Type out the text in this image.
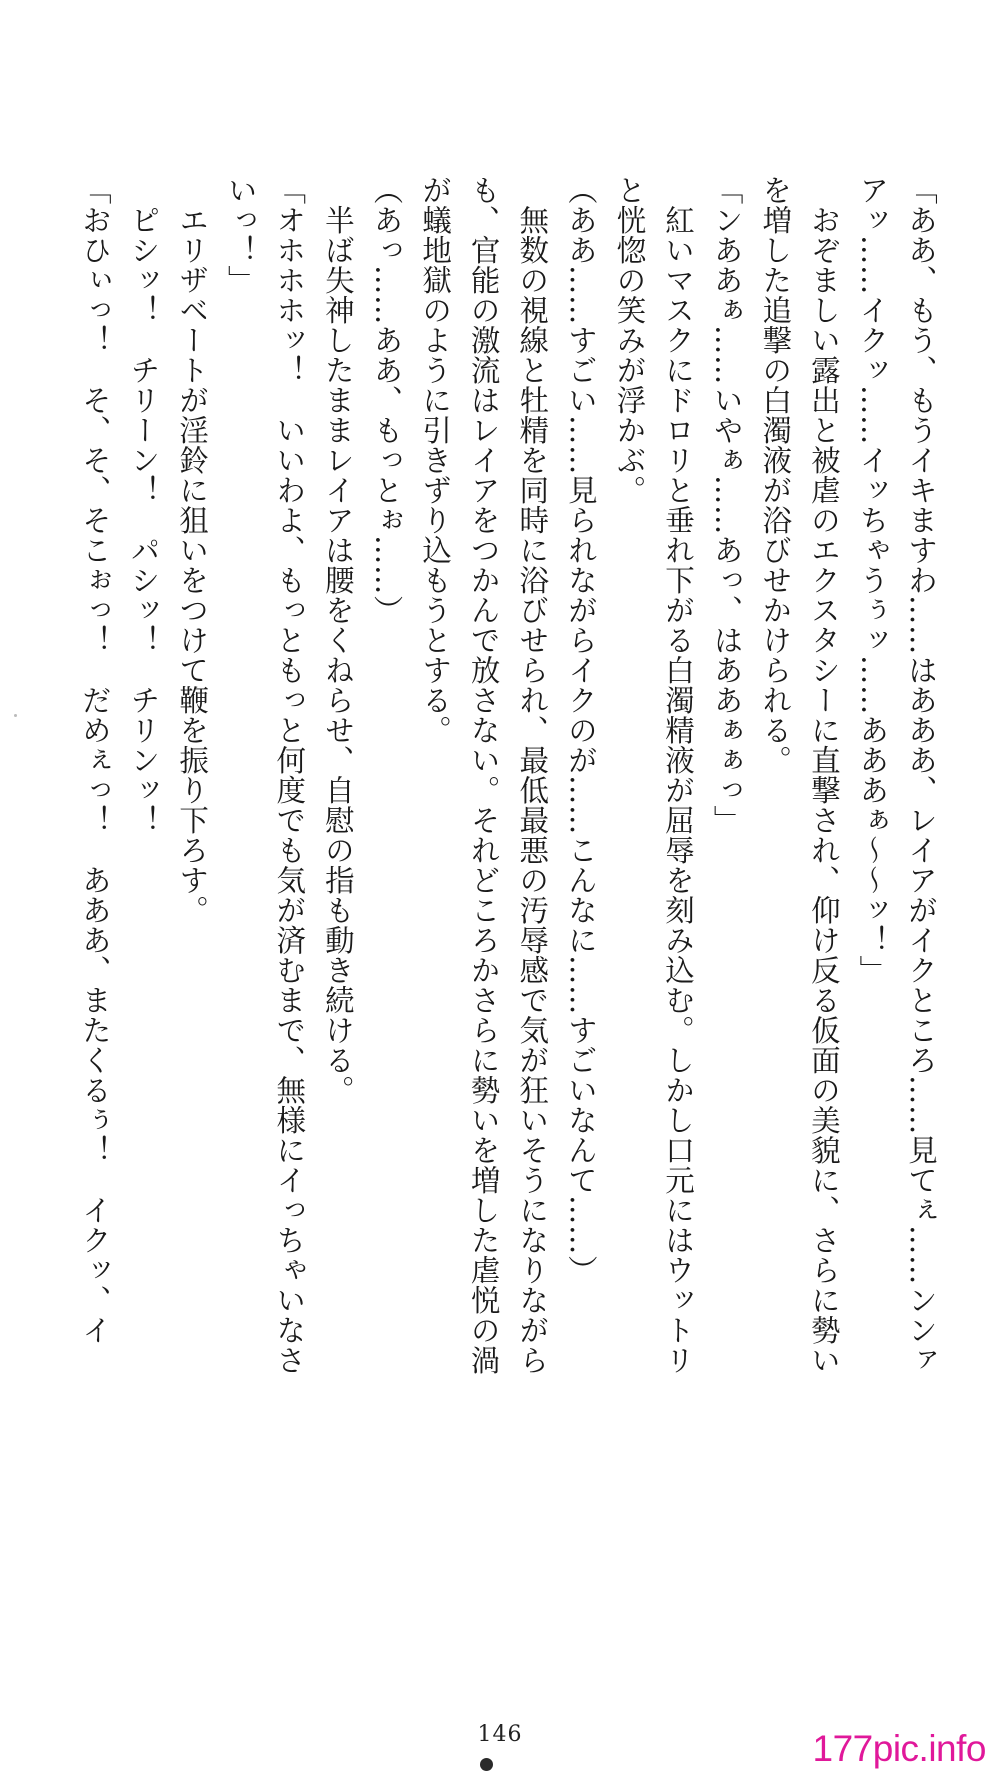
「ああ、もう、もうイキますわ……はあああ、レイアがイクところ……見てぇ……ンンァ
アッ……イクッ……イッちゃうぅッ……あああぁ〜〜ッ！」
　おぞましい露出と被虐のエクスタシーに直撃され、仰け反る仮面の美貌に、さらに勢い
を増した追撃の白濁液が浴びせかけられる。
「ンああぁ……いやぁ……あっ、はああぁぁっ」
　紅いマスクにドロリと垂れ下がる白濁精液が屈辱を刻み込む。しかし口元にはウットリ
と恍惚の笑みが浮かぶ。
（ああ……すごい……見られながらイクのが……こんなに……すごいなんて……）
　無数の視線と牡精を同時に浴びせられ、最低最悪の汚辱感で気が狂いそうになりながら
も、官能の激流はレイアをつかんで放さない。それどころかさらに勢いを増した虐悦の渦
が蟻地獄のように引きずり込もうとする。
（あっ……ああ、もっとぉ……）
　半ば失神したままレイアは腰をくねらせ、自慰の指も動き続ける。
「オホホホッ！　いいわよ、もっともっと何度でも気が済むまで、無様にイっちゃいなさ
いっ！」
　エリザベートが淫鈴に狙いをつけて鞭を振り下ろす。
　ピシッ！　チリーン！　パシッ！　チリンッ！
「おひぃっ！　そ、そ、そこぉっ！　だめぇっ！　あああ、またくるぅ！　イクッ、イ
146	177pic.info
